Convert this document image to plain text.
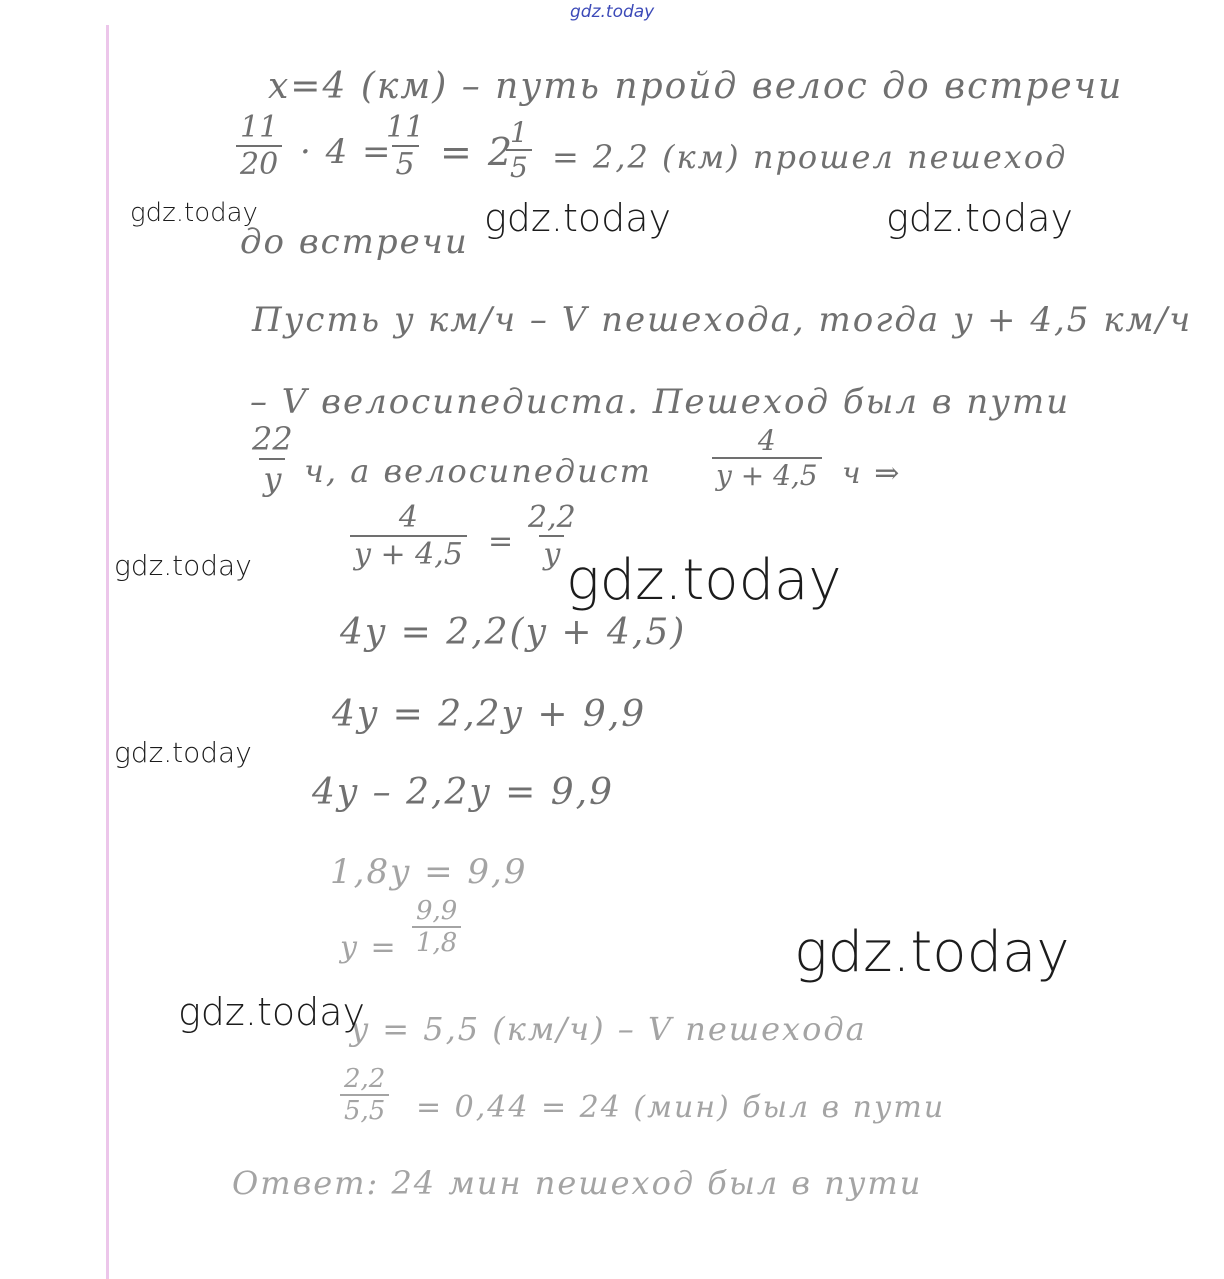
gdz.today
x=4 (км) – путь пройд велос до встречи
$\frac{11}{20} \cdot 4$ =
$\frac{11}{5} = 2$
$\frac{1}{5} = 2,2$ (км) прошел пешеход
до встречи
Пусть y км/ч – V пешехода, тогда y + 4,5 км/ч
– V велосипедиста. Пешеход был в пути
$\frac{22}{y} ч$, а велосипедист $\frac{4}{y + 4,5}$ ч ⇒
$\frac{4}{y + 4,5} = \frac{2,2}{y}$
4y = 2,2(y + 4,5)
4y = 2,2y + 9,9
4y – 2,2y = 9,9
1,8y = 9,9
$y = \frac{9,9}{1,8}$
y = 5,5 (км/ч) – V пешехода
$\frac{2,2}{5,5} = 0,44 = 24$ (мин) был в пути
Ответ: 24 мин пешеход был в пути
gdz.today	gdz.today	gdz.today
gdz.today	gdz.today
gdz.today
gdz.today
gdz.today
